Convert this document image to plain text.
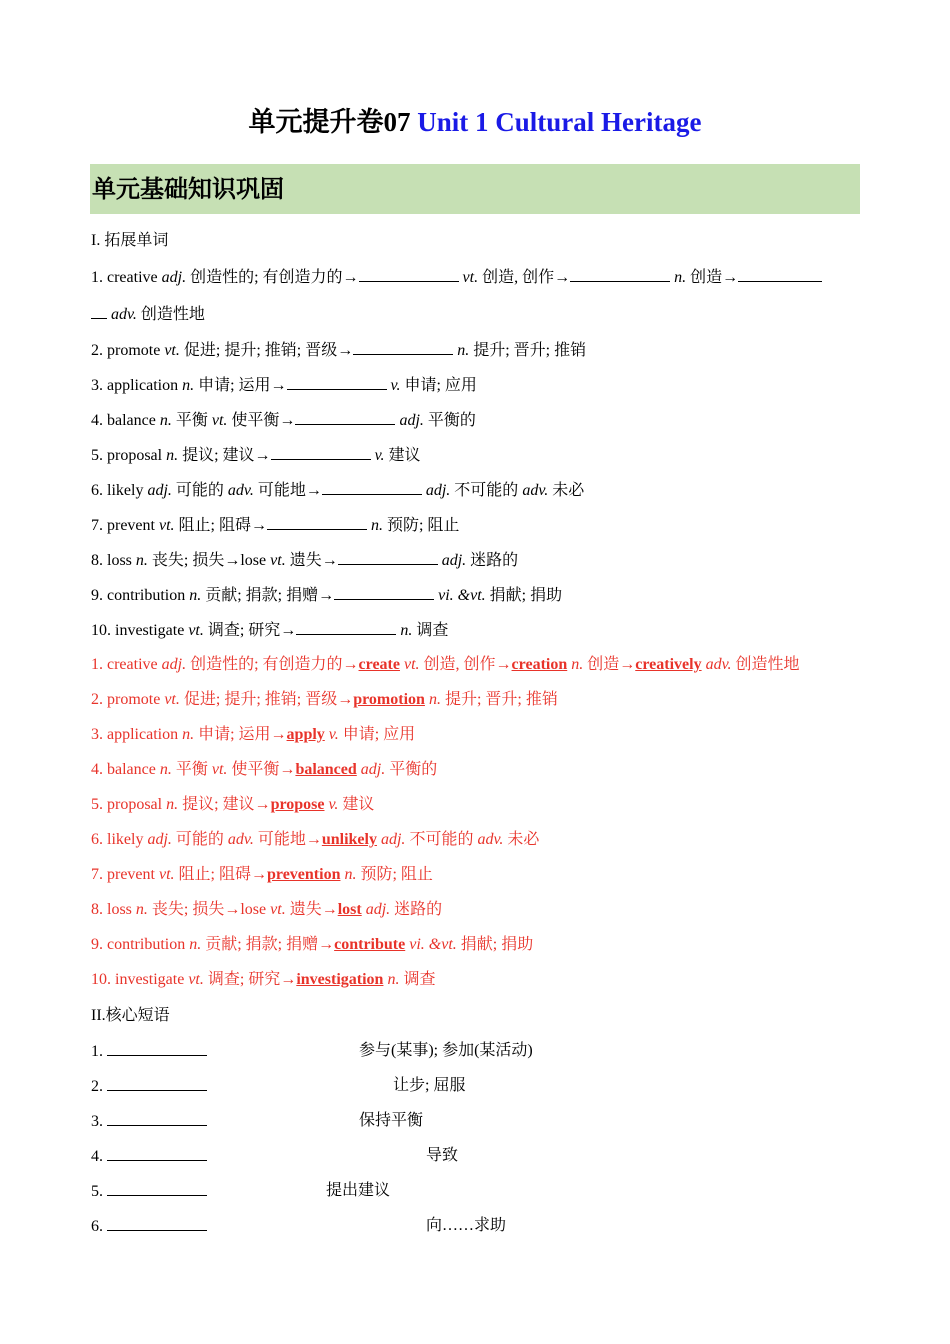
单元提升卷07 Unit 1 Cultural Heritage
单元基础知识巩固
I. 拓展单词
1. creative adj. 创造性的; 有创造力的→	vt. 创造, 创作→	n. 创造→
adv. 创造性地
2. promote vt. 促进; 提升; 推销; 晋级→	n. 提升; 晋升; 推销
3. application n. 申请; 运用→	v. 申请; 应用
4. balance n. 平衡 vt. 使平衡→	adj. 平衡的
5. proposal n. 提议; 建议→	v. 建议
6. likely adj. 可能的 adv. 可能地→	adj. 不可能的 adv. 未必
7. prevent vt. 阻止; 阻碍→	n. 预防; 阻止
8. loss n. 丧失; 损失→lose vt. 遗失→	adj. 迷路的
9. contribution n. 贡献; 捐款; 捐赠→	vi. &vt. 捐献; 捐助
10. investigate vt. 调查; 研究→	n. 调查
1. creative adj. 创造性的; 有创造力的→create vt. 创造, 创作→creation n. 创造→creatively adv. 创造性地
2. promote vt. 促进; 提升; 推销; 晋级→promotion n. 提升; 晋升; 推销
3. application n. 申请; 运用→apply v. 申请; 应用
4. balance n. 平衡 vt. 使平衡→balanced adj. 平衡的
5. proposal n. 提议; 建议→propose v. 建议
6. likely adj. 可能的 adv. 可能地→unlikely adj. 不可能的 adv. 未必
7. prevent vt. 阻止; 阻碍→prevention n. 预防; 阻止
8. loss n. 丧失; 损失→lose vt. 遗失→lost adj. 迷路的
9. contribution n. 贡献; 捐款; 捐赠→contribute vi. &vt. 捐献; 捐助
10. investigate vt. 调查; 研究→investigation n. 调查
II.核心短语
1.	参与(某事); 参加(某活动)
2.	让步; 屈服
3.	保持平衡
4.	导致
5.	提出建议
6.	向……求助
